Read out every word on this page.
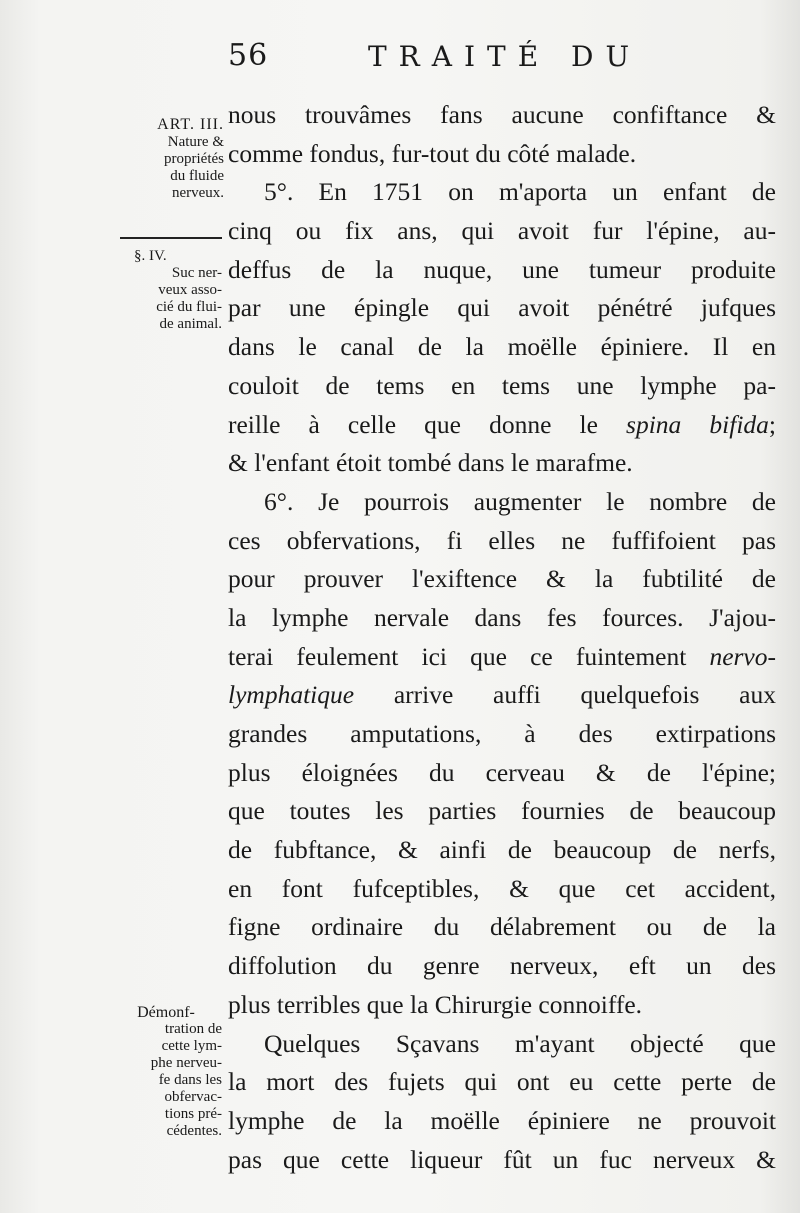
56	TRAITÉ DU
ART. III.
Nature &
propriétés
du fluide
nerveux.
§. IV.
Suc ner-
veux asso-
cié du flui-
de animal.
Démonf-
tration de
cette lym-
phe nerveu-
fe dans les
obfervac-
tions pré-
cédentes.
nous trouvâmes fans aucune confiftance &
comme fondus, fur-tout du côté malade.
5°. En 1751 on m'aporta un enfant de
cinq ou fix ans, qui avoit fur l'épine, au-
deffus de la nuque, une tumeur produite
par une épingle qui avoit pénétré jufques
dans le canal de la moëlle épiniere. Il en
couloit de tems en tems une lymphe pa-
reille à celle que donne le spina bifida;
& l'enfant étoit tombé dans le marafme.
6°. Je pourrois augmenter le nombre de
ces obfervations, fi elles ne fuffifoient pas
pour prouver l'exiftence & la fubtilité de
la lymphe nervale dans fes fources. J'ajou-
terai feulement ici que ce fuintement nervo-
lymphatique arrive auffi quelquefois aux
grandes amputations, à des extirpations
plus éloignées du cerveau & de l'épine;
que toutes les parties fournies de beaucoup
de fubftance, & ainfi de beaucoup de nerfs,
en font fufceptibles, & que cet accident,
figne ordinaire du délabrement ou de la
diffolution du genre nerveux, eft un des
plus terribles que la Chirurgie connoiffe.
Quelques Sçavans m'ayant objecté que
la mort des fujets qui ont eu cette perte de
lymphe de la moëlle épiniere ne prouvoit
pas que cette liqueur fût un fuc nerveux &
